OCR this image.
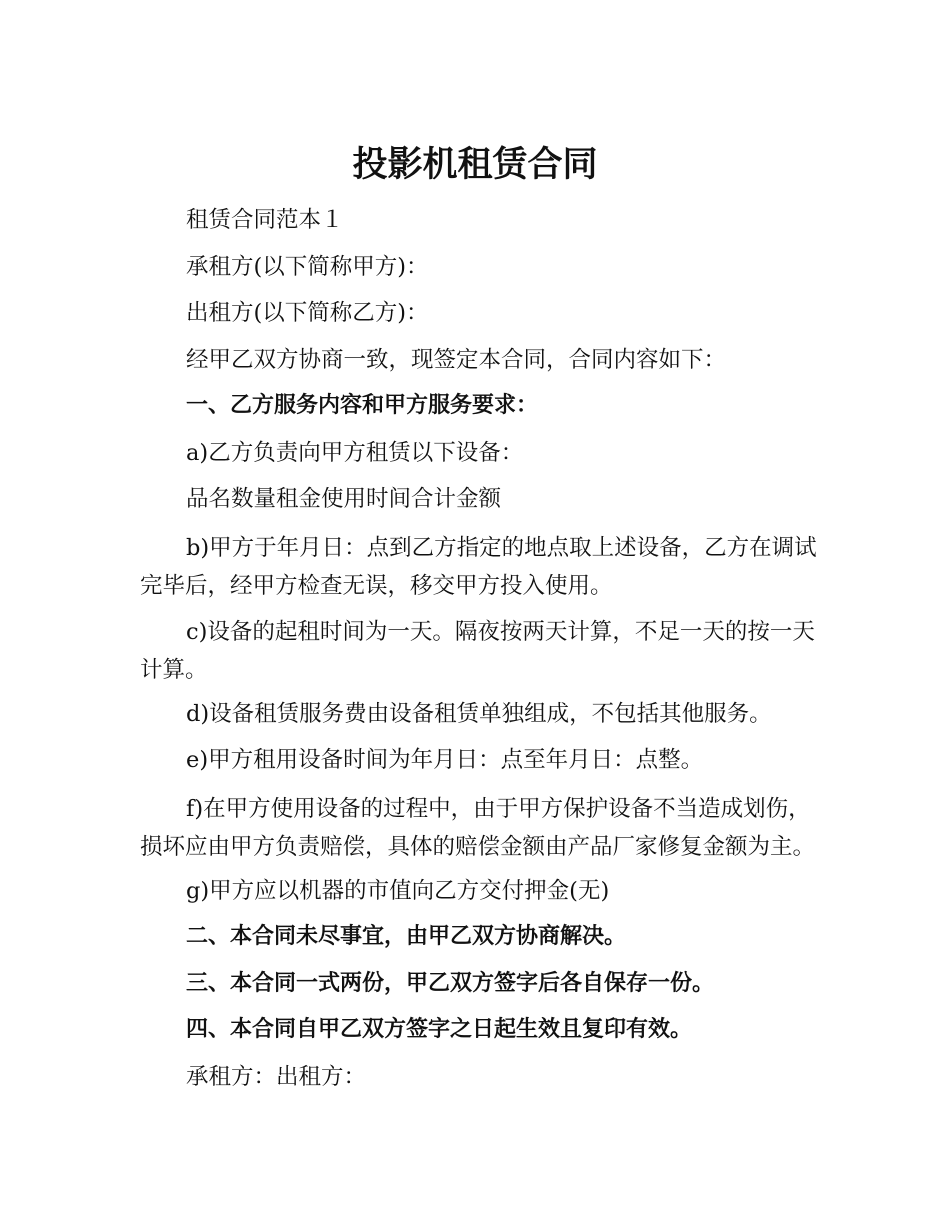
投影机租赁合同

租赁合同范本１

承租方(以下简称甲方)：

出租方(以下简称乙方)：

经甲乙双方协商一致，现签定本合同，合同内容如下：

一、乙方服务内容和甲方服务要求：

a)乙方负责向甲方租赁以下设备：

品名数量租金使用时间合计金额

b)甲方于年月日：点到乙方指定的地点取上述设备，乙方在调试完毕后，经甲方检查无误，移交甲方投入使用。

c)设备的起租时间为一天。隔夜按两天计算，不足一天的按一天计算。

d)设备租赁服务费由设备租赁单独组成，不包括其他服务。

e)甲方租用设备时间为年月日：点至年月日：点整。

f)在甲方使用设备的过程中，由于甲方保护设备不当造成划伤，损坏应由甲方负责赔偿，具体的赔偿金额由产品厂家修复金额为主。

g)甲方应以机器的市值向乙方交付押金(无)

二、本合同未尽事宜，由甲乙双方协商解决。

三、本合同一式两份，甲乙双方签字后各自保存一份。

四、本合同自甲乙双方签字之日起生效且复印有效。

承租方：出租方：
